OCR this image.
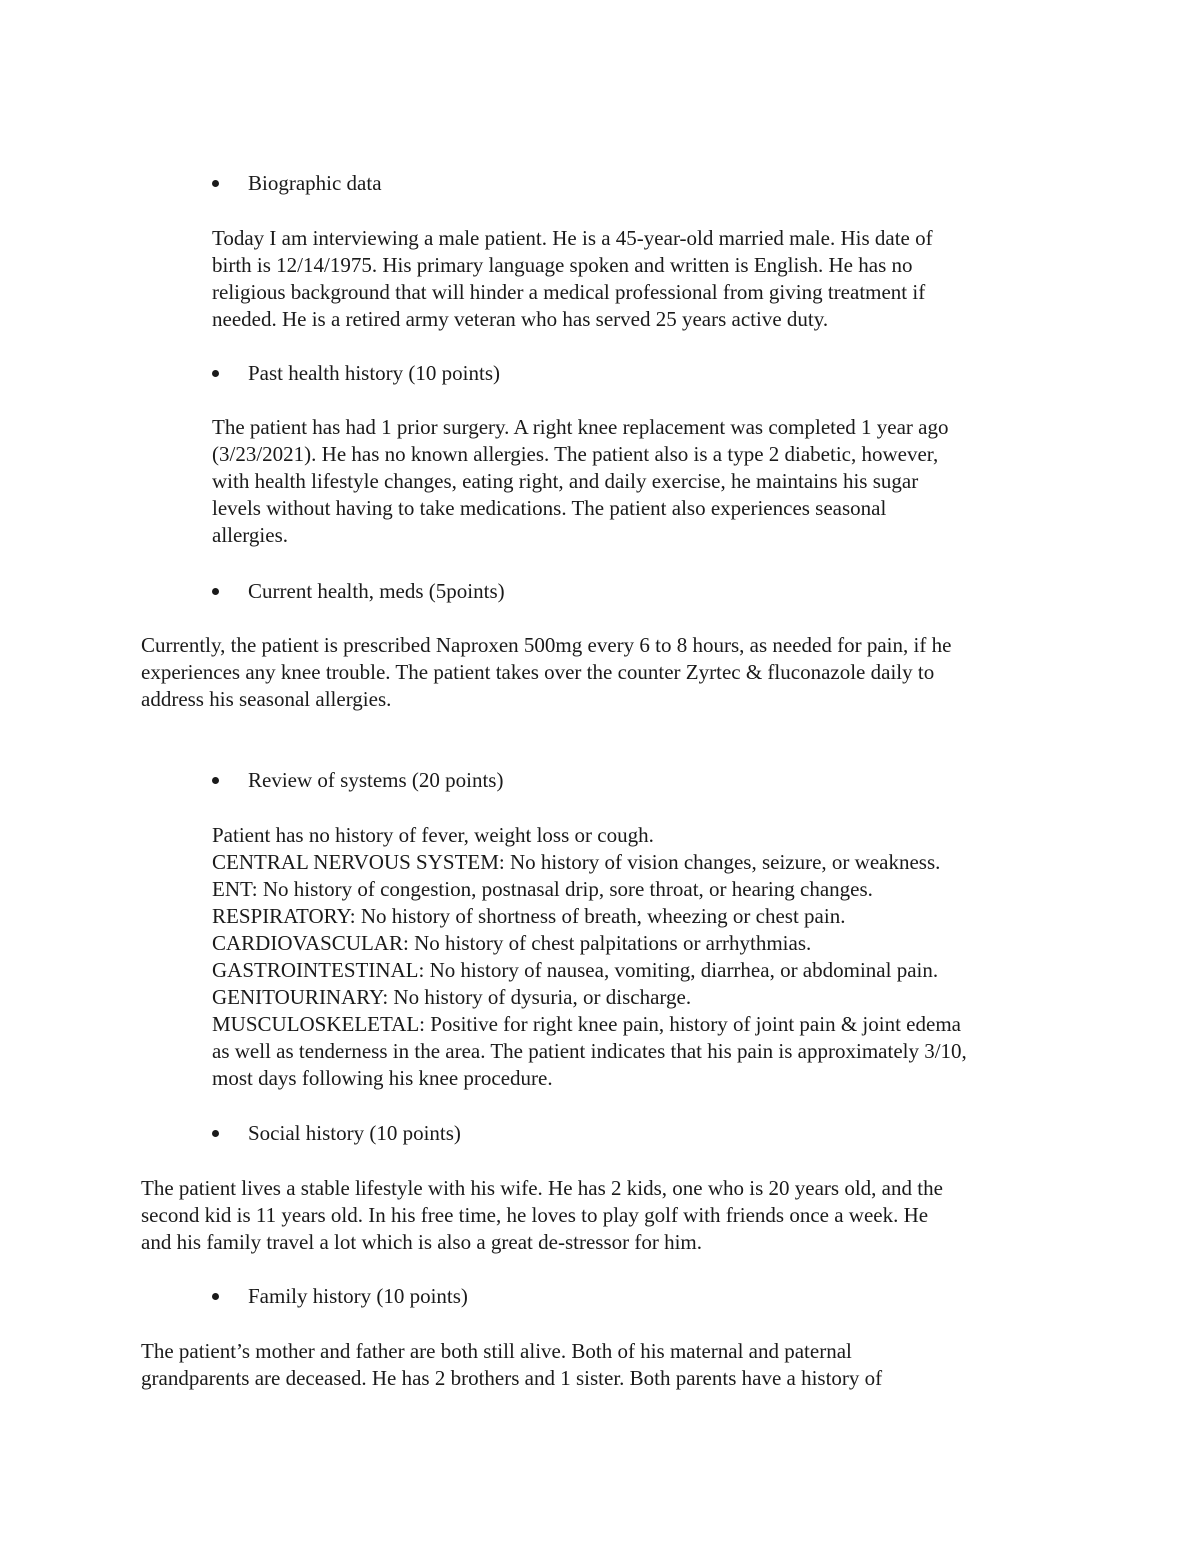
Biographic data
Today I am interviewing a male patient. He is a 45-year-old married male. His date of
birth is 12/14/1975. His primary language spoken and written is English. He has no
religious background that will hinder a medical professional from giving treatment if
needed. He is a retired army veteran who has served 25 years active duty.
Past health history (10 points)
The patient has had 1 prior surgery. A right knee replacement was completed 1 year ago
(3/23/2021). He has no known allergies. The patient also is a type 2 diabetic, however,
with health lifestyle changes, eating right, and daily exercise, he maintains his sugar
levels without having to take medications. The patient also experiences seasonal
allergies.
Current health, meds (5points)
Currently, the patient is prescribed Naproxen 500mg every 6 to 8 hours, as needed for pain, if he
experiences any knee trouble. The patient takes over the counter Zyrtec & fluconazole daily to
address his seasonal allergies.
Review of systems (20 points)
Patient has no history of fever, weight loss or cough.
CENTRAL NERVOUS SYSTEM: No history of vision changes, seizure, or weakness.
ENT: No history of congestion, postnasal drip, sore throat, or hearing changes.
RESPIRATORY: No history of shortness of breath, wheezing or chest pain.
CARDIOVASCULAR: No history of chest palpitations or arrhythmias.
GASTROINTESTINAL: No history of nausea, vomiting, diarrhea, or abdominal pain.
GENITOURINARY: No history of dysuria, or discharge.
MUSCULOSKELETAL: Positive for right knee pain, history of joint pain & joint edema
as well as tenderness in the area. The patient indicates that his pain is approximately 3/10,
most days following his knee procedure.
Social history (10 points)
The patient lives a stable lifestyle with his wife. He has 2 kids, one who is 20 years old, and the
second kid is 11 years old. In his free time, he loves to play golf with friends once a week. He
and his family travel a lot which is also a great de-stressor for him.
Family history (10 points)
The patient’s mother and father are both still alive. Both of his maternal and paternal
grandparents are deceased. He has 2 brothers and 1 sister. Both parents have a history of
